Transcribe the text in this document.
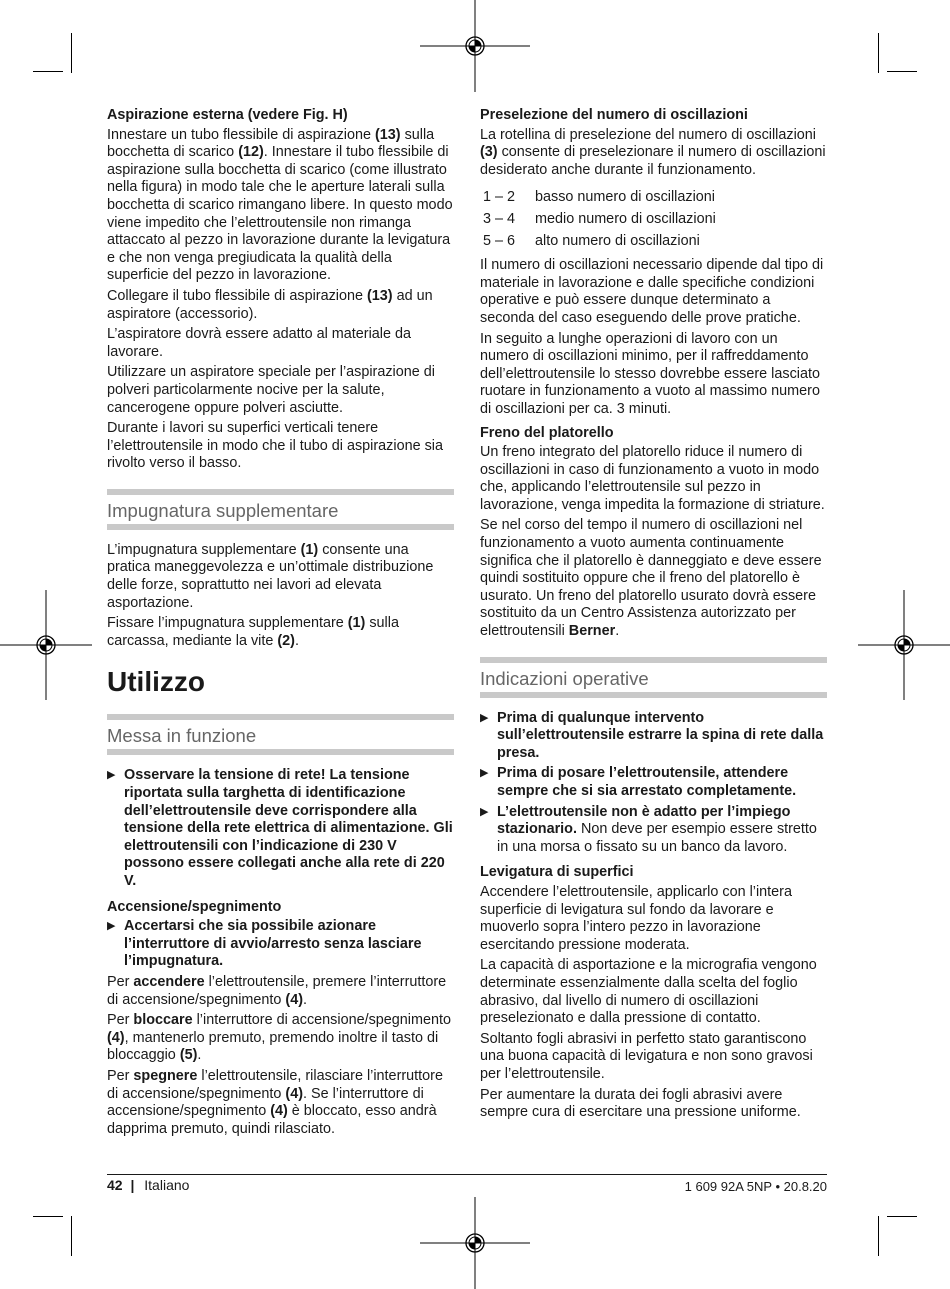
Aspirazione esterna (vedere Fig. H)

Innestare un tubo flessibile di aspirazione (13) sulla bocchetta di scarico (12). Innestare il tubo flessibile di aspirazione sulla bocchetta di scarico (come illustrato nella figura) in modo tale che le aperture laterali sulla bocchetta di scarico rimangano libere. In questo modo viene impedito che l’elettroutensile non rimanga attaccato al pezzo in lavorazione durante la levigatura e che non venga pregiudicata la qualità della superficie del pezzo in lavorazione.

Collegare il tubo flessibile di aspirazione (13) ad un aspiratore (accessorio).

L’aspiratore dovrà essere adatto al materiale da lavorare.

Utilizzare un aspiratore speciale per l’aspirazione di polveri particolarmente nocive per la salute, cancerogene oppure polveri asciutte.

Durante i lavori su superfici verticali tenere l’elettroutensile in modo che il tubo di aspirazione sia rivolto verso il basso.

Impugnatura supplementare

L’impugnatura supplementare (1) consente una pratica maneggevolezza e un’ottimale distribuzione delle forze, soprattutto nei lavori ad elevata asportazione.

Fissare l’impugnatura supplementare (1) sulla carcassa, mediante la vite (2).

Utilizzo
Messa in funzione
▶ Osservare la tensione di rete! La tensione riportata sulla targhetta di identificazione dell’elettroutensile deve corrispondere alla tensione della rete elettrica di alimentazione. Gli elettroutensili con l’indicazione di 230 V possono essere collegati anche alla rete di 220 V.
Accensione/spegnimento
▶ Accertarsi che sia possibile azionare l’interruttore di avvio/arresto senza lasciare l’impugnatura.

Per accendere l’elettroutensile, premere l’interruttore di accensione/spegnimento (4).

Per bloccare l’interruttore di accensione/spegnimento (4), mantenerlo premuto, premendo inoltre il tasto di bloccaggio (5).

Per spegnere l’elettroutensile, rilasciare l’interruttore di accensione/spegnimento (4). Se l’interruttore di accensione/spegnimento (4) è bloccato, esso andrà dapprima premuto, quindi rilasciato.

Preselezione del numero di oscillazioni

La rotellina di preselezione del numero di oscillazioni (3) consente di preselezionare il numero di oscillazioni desiderato anche durante il funzionamento.

1 – 2	basso numero di oscillazioni
3 – 4	medio numero di oscillazioni
5 – 6	alto numero di oscillazioni

Il numero di oscillazioni necessario dipende dal tipo di materiale in lavorazione e dalle specifiche condizioni operative e può essere dunque determinato a seconda del caso eseguendo delle prove pratiche.

In seguito a lunghe operazioni di lavoro con un numero di oscillazioni minimo, per il raffreddamento dell’elettroutensile lo stesso dovrebbe essere lasciato ruotare in funzionamento a vuoto al massimo numero di oscillazioni per ca. 3 minuti.

Freno del platorello

Un freno integrato del platorello riduce il numero di oscillazioni in caso di funzionamento a vuoto in modo che, applicando l’elettroutensile sul pezzo in lavorazione, venga impedita la formazione di striature.

Se nel corso del tempo il numero di oscillazioni nel funzionamento a vuoto aumenta continuamente significa che il platorello è danneggiato e deve essere quindi sostituito oppure che il freno del platorello è usurato. Un freno del platorello usurato dovrà essere sostituito da un Centro Assistenza autorizzato per elettroutensili Berner.

Indicazioni operative
▶ Prima di qualunque intervento sull’elettroutensile estrarre la spina di rete dalla presa.
▶ Prima di posare l’elettroutensile, attendere sempre che si sia arrestato completamente.
▶ L’elettroutensile non è adatto per l’impiego stazionario. Non deve per esempio essere stretto in una morsa o fissato su un banco da lavoro.
Levigatura di superfici

Accendere l’elettroutensile, applicarlo con l’intera superficie di levigatura sul fondo da lavorare e muoverlo sopra l’intero pezzo in lavorazione esercitando pressione moderata.

La capacità di asportazione e la micrografia vengono determinate essenzialmente dalla scelta del foglio abrasivo, dal livello di numero di oscillazioni preselezionato e dalla pressione di contatto.

Soltanto fogli abrasivi in perfetto stato garantiscono una buona capacità di levigatura e non sono gravosi per l’elettroutensile.

Per aumentare la durata dei fogli abrasivi avere sempre cura di esercitare una pressione uniforme.

42 | Italiano	1 609 92A 5NP • 20.8.20
